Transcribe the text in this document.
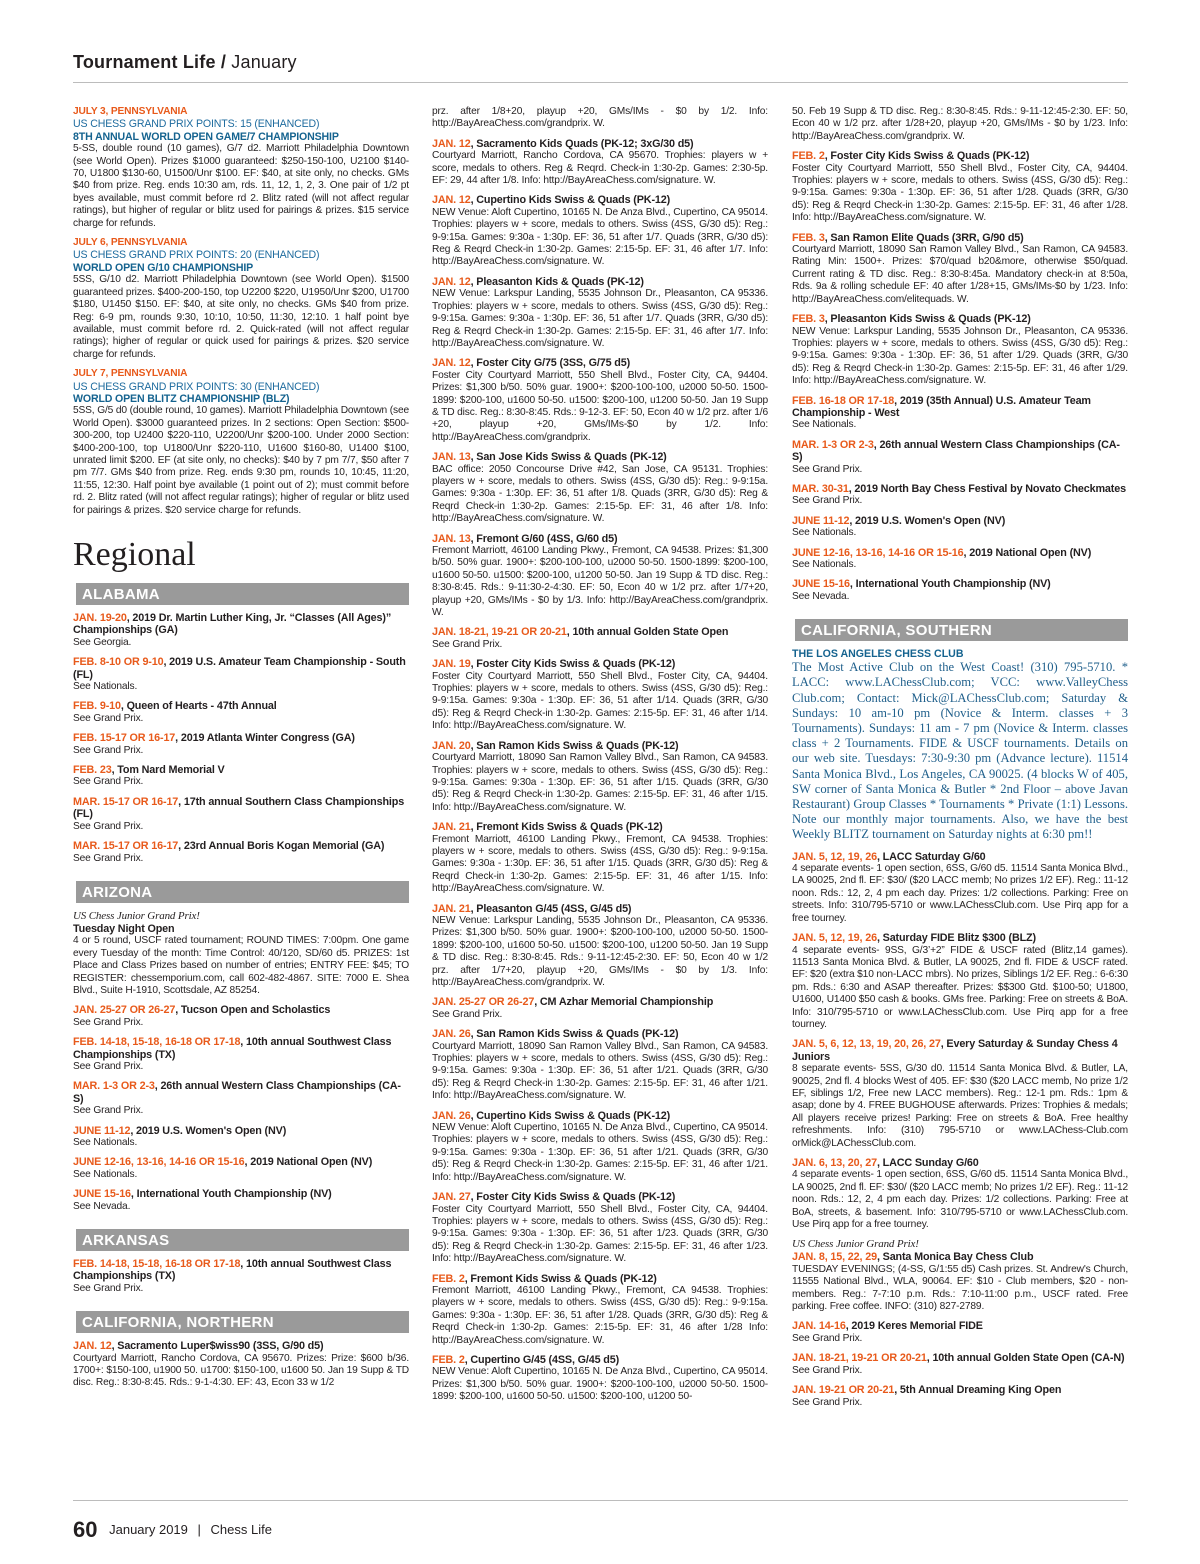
Tournament Life / January
JULY 3, PENNSYLVANIA
US CHESS GRAND PRIX POINTS: 15 (ENHANCED)
8TH ANNUAL WORLD OPEN GAME/7 CHAMPIONSHIP
5-SS, double round (10 games), G/7 d2. Marriott Philadelphia Downtown (see World Open). Prizes $1000 guaranteed: $250-150-100, U2100 $140-70, U1800 $130-60, U1500/Unr $100. EF: $40, at site only, no checks. GMs $40 from prize. Reg. ends 10:30 am, rds. 11, 12, 1, 2, 3. One pair of 1/2 pt byes available, must commit before rd 2. Blitz rated (will not affect regular ratings), but higher of regular or blitz used for pairings & prizes. $15 service charge for refunds.
JULY 6, PENNSYLVANIA
US CHESS GRAND PRIX POINTS: 20 (ENHANCED)
WORLD OPEN G/10 CHAMPIONSHIP
5SS, G/10 d2. Marriott Philadelphia Downtown (see World Open). $1500 guaranteed prizes. $400-200-150, top U2200 $220, U1950/Unr $200, U1700 $180, U1450 $150. EF: $40, at site only, no checks. GMs $40 from prize. Reg: 6-9 pm, rounds 9:30, 10:10, 10:50, 11:30, 12:10. 1 half point bye available, must commit before rd. 2. Quick-rated (will not affect regular ratings); higher of regular or quick used for pairings & prizes. $20 service charge for refunds.
JULY 7, PENNSYLVANIA
US CHESS GRAND PRIX POINTS: 30 (ENHANCED)
WORLD OPEN BLITZ CHAMPIONSHIP (BLZ)
5SS, G/5 d0 (double round, 10 games). Marriott Philadelphia Downtown (see World Open). $3000 guaranteed prizes. In 2 sections: Open Section: $500-300-200, top U2400 $220-110, U2200/Unr $200-100. Under 2000 Section: $400-200-100, top U1800/Unr $220-110, U1600 $160-80, U1400 $100, unrated limit $200. EF (at site only, no checks): $40 by 7 pm 7/7, $50 after 7 pm 7/7. GMs $40 from prize. Reg. ends 9:30 pm, rounds 10, 10:45, 11:20, 11:55, 12:30. Half point bye available (1 point out of 2); must commit before rd. 2. Blitz rated (will not affect regular ratings); higher of regular or blitz used for pairings & prizes. $20 service charge for refunds.
Regional
ALABAMA
JAN. 19-20, 2019 Dr. Martin Luther King, Jr. “Classes (All Ages)” Championships (GA)
See Georgia.
FEB. 8-10 OR 9-10, 2019 U.S. Amateur Team Championship - South (FL)
See Nationals.
FEB. 9-10, Queen of Hearts - 47th Annual
See Grand Prix.
FEB. 15-17 OR 16-17, 2019 Atlanta Winter Congress (GA)
See Grand Prix.
FEB. 23, Tom Nard Memorial V
See Grand Prix.
MAR. 15-17 OR 16-17, 17th annual Southern Class Championships (FL)
See Grand Prix.
MAR. 15-17 OR 16-17, 23rd Annual Boris Kogan Memorial (GA)
See Grand Prix.
ARIZONA
US Chess Junior Grand Prix!
Tuesday Night Open
4 or 5 round, USCF rated tournament; ROUND TIMES: 7:00pm. One game every Tuesday of the month: Time Control: 40/120, SD/60 d5. PRIZES: 1st Place and Class Prizes based on number of entries; ENTRY FEE: $45; TO REGISTER: chessemporium.com, call 602-482-4867. SITE: 7000 E. Shea Blvd., Suite H-1910, Scottsdale, AZ 85254.
JAN. 25-27 OR 26-27, Tucson Open and Scholastics
See Grand Prix.
FEB. 14-18, 15-18, 16-18 OR 17-18, 10th annual Southwest Class Championships (TX)
See Grand Prix.
MAR. 1-3 OR 2-3, 26th annual Western Class Championships (CA-S)
See Grand Prix.
JUNE 11-12, 2019 U.S. Women's Open (NV)
See Nationals.
JUNE 12-16, 13-16, 14-16 OR 15-16, 2019 National Open (NV)
See Nationals.
JUNE 15-16, International Youth Championship (NV)
See Nevada.
ARKANSAS
FEB. 14-18, 15-18, 16-18 OR 17-18, 10th annual Southwest Class Championships (TX)
See Grand Prix.
CALIFORNIA, NORTHERN
JAN. 12, Sacramento Luper$wiss90 (3SS, G/90 d5)
Courtyard Marriott, Rancho Cordova, CA 95670. Prizes: Prize: $600 b/36. 1700+: $150-100, u1900 50. u1700: $150-100, u1600 50. Jan 19 Supp & TD disc. Reg.: 8:30-8:45. Rds.: 9-1-4:30. EF: 43, Econ 33 w 1/2
prz. after 1/8+20, playup +20, GMs/IMs - $0 by 1/2. Info: http://BayAreaChess.com/grandprix. W.
JAN. 12, Sacramento Kids Quads (PK-12; 3xG/30 d5)
Courtyard Marriott, Rancho Cordova, CA 95670. Trophies: players w + score, medals to others. Reg & Reqrd. Check-in 1:30-2p. Games: 2:30-5p. EF: 29, 44 after 1/8. Info: http://BayAreaChess.com/signature. W.
JAN. 12, Cupertino Kids Swiss & Quads (PK-12)
NEW Venue: Aloft Cupertino, 10165 N. De Anza Blvd., Cupertino, CA 95014. Trophies: players w + score, medals to others. Swiss (4SS, G/30 d5): Reg.: 9-9:15a. Games: 9:30a - 1:30p. EF: 36, 51 after 1/7. Quads (3RR, G/30 d5): Reg & Reqrd Check-in 1:30-2p. Games: 2:15-5p. EF: 31, 46 after 1/7. Info: http://BayAreaChess.com/signature. W.
JAN. 12, Pleasanton Kids & Quads (PK-12)
NEW Venue: Larkspur Landing, 5535 Johnson Dr., Pleasanton, CA 95336. Trophies: players w + score, medals to others. Swiss (4SS, G/30 d5): Reg.: 9-9:15a. Games: 9:30a - 1:30p. EF: 36, 51 after 1/7. Quads (3RR, G/30 d5): Reg & Reqrd Check-in 1:30-2p. Games: 2:15-5p. EF: 31, 46 after 1/7. Info: http://BayAreaChess.com/signature. W.
JAN. 12, Foster City G/75 (3SS, G/75 d5)
Foster City Courtyard Marriott, 550 Shell Blvd., Foster City, CA, 94404. Prizes: $1,300 b/50. 50% guar. 1900+: $200-100-100, u2000 50-50. 1500-1899: $200-100, u1600 50-50. u1500: $200-100, u1200 50-50. Jan 19 Supp & TD disc. Reg.: 8:30-8:45. Rds.: 9-12-3. EF: 50, Econ 40 w 1/2 prz. after 1/6 +20, playup +20, GMs/IMs-$0 by 1/2. Info: http://BayAreaChess.com/grandprix.
JAN. 13, San Jose Kids Swiss & Quads (PK-12)
BAC office: 2050 Concourse Drive #42, San Jose, CA 95131. Trophies: players w + score, medals to others. Swiss (4SS, G/30 d5): Reg.: 9-9:15a. Games: 9:30a - 1:30p. EF: 36, 51 after 1/8. Quads (3RR, G/30 d5): Reg & Reqrd Check-in 1:30-2p. Games: 2:15-5p. EF: 31, 46 after 1/8. Info: http://BayAreaChess.com/signature. W.
JAN. 13, Fremont G/60 (4SS, G/60 d5)
Fremont Marriott, 46100 Landing Pkwy., Fremont, CA 94538. Prizes: $1,300 b/50. 50% guar. 1900+: $200-100-100, u2000 50-50. 1500-1899: $200-100, u1600 50-50. u1500: $200-100, u1200 50-50. Jan 19 Supp & TD disc. Reg.: 8:30-8:45. Rds.: 9-11:30-2-4:30. EF: 50, Econ 40 w 1/2 prz. after 1/7+20, playup +20, GMs/IMs - $0 by 1/3. Info: http://BayAreaChess.com/grandprix. W.
JAN. 18-21, 19-21 OR 20-21, 10th annual Golden State Open
See Grand Prix.
JAN. 19, Foster City Kids Swiss & Quads (PK-12)
Foster City Courtyard Marriott, 550 Shell Blvd., Foster City, CA, 94404. Trophies: players w + score, medals to others. Swiss (4SS, G/30 d5): Reg.: 9-9:15a. Games: 9:30a - 1:30p. EF: 36, 51 after 1/14. Quads (3RR, G/30 d5): Reg & Reqrd Check-in 1:30-2p. Games: 2:15-5p. EF: 31, 46 after 1/14. Info: http://BayAreaChess.com/signature. W.
JAN. 20, San Ramon Kids Swiss & Quads (PK-12)
Courtyard Marriott, 18090 San Ramon Valley Blvd., San Ramon, CA 94583. Trophies: players w + score, medals to others. Swiss (4SS, G/30 d5): Reg.: 9-9:15a. Games: 9:30a - 1:30p. EF: 36, 51 after 1/15. Quads (3RR, G/30 d5): Reg & Reqrd Check-in 1:30-2p. Games: 2:15-5p. EF: 31, 46 after 1/15. Info: http://BayAreaChess.com/signature. W.
JAN. 21, Fremont Kids Swiss & Quads (PK-12)
Fremont Marriott, 46100 Landing Pkwy., Fremont, CA 94538. Trophies: players w + score, medals to others. Swiss (4SS, G/30 d5): Reg.: 9-9:15a. Games: 9:30a - 1:30p. EF: 36, 51 after 1/15. Quads (3RR, G/30 d5): Reg & Reqrd Check-in 1:30-2p. Games: 2:15-5p. EF: 31, 46 after 1/15. Info: http://BayAreaChess.com/signature. W.
JAN. 21, Pleasanton G/45 (4SS, G/45 d5)
NEW Venue: Larkspur Landing, 5535 Johnson Dr., Pleasanton, CA 95336. Prizes: $1,300 b/50. 50% guar. 1900+: $200-100-100, u2000 50-50. 1500-1899: $200-100, u1600 50-50. u1500: $200-100, u1200 50-50. Jan 19 Supp & TD disc. Reg.: 8:30-8:45. Rds.: 9-11-12:45-2:30. EF: 50, Econ 40 w 1/2 prz. after 1/7+20, playup +20, GMs/IMs - $0 by 1/3. Info: http://BayAreaChess.com/grandprix. W.
JAN. 25-27 OR 26-27, CM Azhar Memorial Championship
See Grand Prix.
JAN. 26, San Ramon Kids Swiss & Quads (PK-12)
Courtyard Marriott, 18090 San Ramon Valley Blvd., San Ramon, CA 94583. Trophies: players w + score, medals to others. Swiss (4SS, G/30 d5): Reg.: 9-9:15a. Games: 9:30a - 1:30p. EF: 36, 51 after 1/21. Quads (3RR, G/30 d5): Reg & Reqrd Check-in 1:30-2p. Games: 2:15-5p. EF: 31, 46 after 1/21. Info: http://BayAreaChess.com/signature. W.
JAN. 26, Cupertino Kids Swiss & Quads (PK-12)
NEW Venue: Aloft Cupertino, 10165 N. De Anza Blvd., Cupertino, CA 95014. Trophies: players w + score, medals to others. Swiss (4SS, G/30 d5): Reg.: 9-9:15a. Games: 9:30a - 1:30p. EF: 36, 51 after 1/21. Quads (3RR, G/30 d5): Reg & Reqrd Check-in 1:30-2p. Games: 2:15-5p. EF: 31, 46 after 1/21. Info: http://BayAreaChess.com/signature. W.
JAN. 27, Foster City Kids Swiss & Quads (PK-12)
Foster City Courtyard Marriott, 550 Shell Blvd., Foster City, CA, 94404. Trophies: players w + score, medals to others. Swiss (4SS, G/30 d5): Reg.: 9-9:15a. Games: 9:30a - 1:30p. EF: 36, 51 after 1/23. Quads (3RR, G/30 d5): Reg & Reqrd Check-in 1:30-2p. Games: 2:15-5p. EF: 31, 46 after 1/23. Info: http://BayAreaChess.com/signature. W.
FEB. 2, Fremont Kids Swiss & Quads (PK-12)
Fremont Marriott, 46100 Landing Pkwy., Fremont, CA 94538. Trophies: players w + score, medals to others. Swiss (4SS, G/30 d5): Reg.: 9-9:15a. Games: 9:30a - 1:30p. EF: 36, 51 after 1/28. Quads (3RR, G/30 d5): Reg & Reqrd Check-in 1:30-2p. Games: 2:15-5p. EF: 31, 46 after 1/28 Info: http://BayAreaChess.com/signature. W.
FEB. 2, Cupertino G/45 (4SS, G/45 d5)
NEW Venue: Aloft Cupertino, 10165 N. De Anza Blvd., Cupertino, CA 95014. Prizes: $1,300 b/50. 50% guar. 1900+: $200-100-100, u2000 50-50. 1500-1899: $200-100, u1600 50-50. u1500: $200-100, u1200 50-
50. Feb 19 Supp & TD disc. Reg.: 8:30-8:45. Rds.: 9-11-12:45-2:30. EF: 50, Econ 40 w 1/2 prz. after 1/28+20, playup +20, GMs/IMs - $0 by 1/23. Info: http://BayAreaChess.com/grandprix. W.
FEB. 2, Foster City Kids Swiss & Quads (PK-12)
Foster City Courtyard Marriott, 550 Shell Blvd., Foster City, CA, 94404. Trophies: players w + score, medals to others. Swiss (4SS, G/30 d5): Reg.: 9-9:15a. Games: 9:30a - 1:30p. EF: 36, 51 after 1/28. Quads (3RR, G/30 d5): Reg & Reqrd Check-in 1:30-2p. Games: 2:15-5p. EF: 31, 46 after 1/28. Info: http://BayAreaChess.com/signature. W.
FEB. 3, San Ramon Elite Quads (3RR, G/90 d5)
Courtyard Marriott, 18090 San Ramon Valley Blvd., San Ramon, CA 94583. Rating Min: 1500+. Prizes: $70/quad b20&more, otherwise $50/quad. Current rating & TD disc. Reg.: 8:30-8:45a. Mandatory check-in at 8:50a, Rds. 9a & rolling schedule EF: 40 after 1/28+15, GMs/IMs-$0 by 1/23. Info: http://BayAreaChess.com/elitequads. W.
FEB. 3, Pleasanton Kids Swiss & Quads (PK-12)
NEW Venue: Larkspur Landing, 5535 Johnson Dr., Pleasanton, CA 95336. Trophies: players w + score, medals to others. Swiss (4SS, G/30 d5): Reg.: 9-9:15a. Games: 9:30a - 1:30p. EF: 36, 51 after 1/29. Quads (3RR, G/30 d5): Reg & Reqrd Check-in 1:30-2p. Games: 2:15-5p. EF: 31, 46 after 1/29. Info: http://BayAreaChess.com/signature. W.
FEB. 16-18 OR 17-18, 2019 (35th Annual) U.S. Amateur Team Championship - West
See Nationals.
MAR. 1-3 OR 2-3, 26th annual Western Class Championships (CA-S)
See Grand Prix.
MAR. 30-31, 2019 North Bay Chess Festival by Novato Checkmates
See Grand Prix.
JUNE 11-12, 2019 U.S. Women's Open (NV)
See Nationals.
JUNE 12-16, 13-16, 14-16 OR 15-16, 2019 National Open (NV)
See Nationals.
JUNE 15-16, International Youth Championship (NV)
See Nevada.
CALIFORNIA, SOUTHERN
THE LOS ANGELES CHESS CLUB
The Most Active Club on the West Coast! (310) 795-5710. * LACC: www.LAChessClub.com; VCC: www.ValleyChess Club.com; Contact: Mick@LAChessClub.com; Saturday & Sundays: 10 am-10 pm (Novice & Interm. classes + 3 Tournaments). Sundays: 11 am - 7 pm (Novice & Interm. classes class + 2 Tournaments. FIDE & USCF tournaments. Details on our web site. Tuesdays: 7:30-9:30 pm (Advance lecture). 11514 Santa Monica Blvd., Los Angeles, CA 90025. (4 blocks W of 405, SW corner of Santa Monica & Butler * 2nd Floor – above Javan Restaurant) Group Classes * Tournaments * Private (1:1) Lessons. Note our monthly major tournaments. Also, we have the best Weekly BLITZ tournament on Saturday nights at 6:30 pm!!
JAN. 5, 12, 19, 26, LACC Saturday G/60
4 separate events- 1 open section, 6SS, G/60 d5. 11514 Santa Monica Blvd., LA 90025, 2nd fl. EF: $30/ ($20 LACC memb; No prizes 1/2 EF). Reg.: 11-12 noon. Rds.: 12, 2, 4 pm each day. Prizes: 1/2 collections. Parking: Free on streets. Info: 310/795-5710 or www.LAChessClub.com. Use Pirq app for a free tourney.
JAN. 5, 12, 19, 26, Saturday FIDE Blitz $300 (BLZ)
4 separate events- 9SS, G/3’+2” FIDE & USCF rated (Blitz,14 games). 11513 Santa Monica Blvd. & Butler, LA 90025, 2nd fl. FIDE & USCF rated. EF: $20 (extra $10 non-LACC mbrs). No prizes, Siblings 1/2 EF. Reg.: 6-6:30 pm. Rds.: 6:30 and ASAP thereafter. Prizes: $$300 Gtd. $100-50; U1800, U1600, U1400 $50 cash & books. GMs free. Parking: Free on streets & BoA. Info: 310/795-5710 or www.LAChessClub.com. Use Pirq app for a free tourney.
JAN. 5, 6, 12, 13, 19, 20, 26, 27, Every Saturday & Sunday Chess 4 Juniors
8 separate events- 5SS, G/30 d0. 11514 Santa Monica Blvd. & Butler, LA, 90025, 2nd fl. 4 blocks West of 405. EF: $30 ($20 LACC memb, No prize 1/2 EF, siblings 1/2, Free new LACC members). Reg.: 12-1 pm. Rds.: 1pm & asap; done by 4. FREE BUGHOUSE afterwards. Prizes: Trophies & medals; All players receive prizes! Parking: Free on streets & BoA. Free healthy refreshments. Info: (310) 795-5710 or www.LAChess-Club.com orMick@LAChessClub.com.
JAN. 6, 13, 20, 27, LACC Sunday G/60
4 separate events- 1 open section, 6SS, G/60 d5. 11514 Santa Monica Blvd., LA 90025, 2nd fl. EF: $30/ ($20 LACC memb; No prizes 1/2 EF). Reg.: 11-12 noon. Rds.: 12, 2, 4 pm each day. Prizes: 1/2 collections. Parking: Free at BoA, streets, & basement. Info: 310/795-5710 or www.LAChessClub.com. Use Pirq app for a free tourney.
US Chess Junior Grand Prix!
JAN. 8, 15, 22, 29, Santa Monica Bay Chess Club
TUESDAY EVENINGS; (4-SS, G/1:55 d5) Cash prizes. St. Andrew's Church, 11555 National Blvd., WLA, 90064. EF: $10 - Club members, $20 - non-members. Reg.: 7-7:10 p.m. Rds.: 7:10-11:00 p.m., USCF rated. Free parking. Free coffee. INFO: (310) 827-2789.
JAN. 14-16, 2019 Keres Memorial FIDE
See Grand Prix.
JAN. 18-21, 19-21 OR 20-21, 10th annual Golden State Open (CA-N)
See Grand Prix.
JAN. 19-21 OR 20-21, 5th Annual Dreaming King Open
See Grand Prix.
60 January 2019 | Chess Life
